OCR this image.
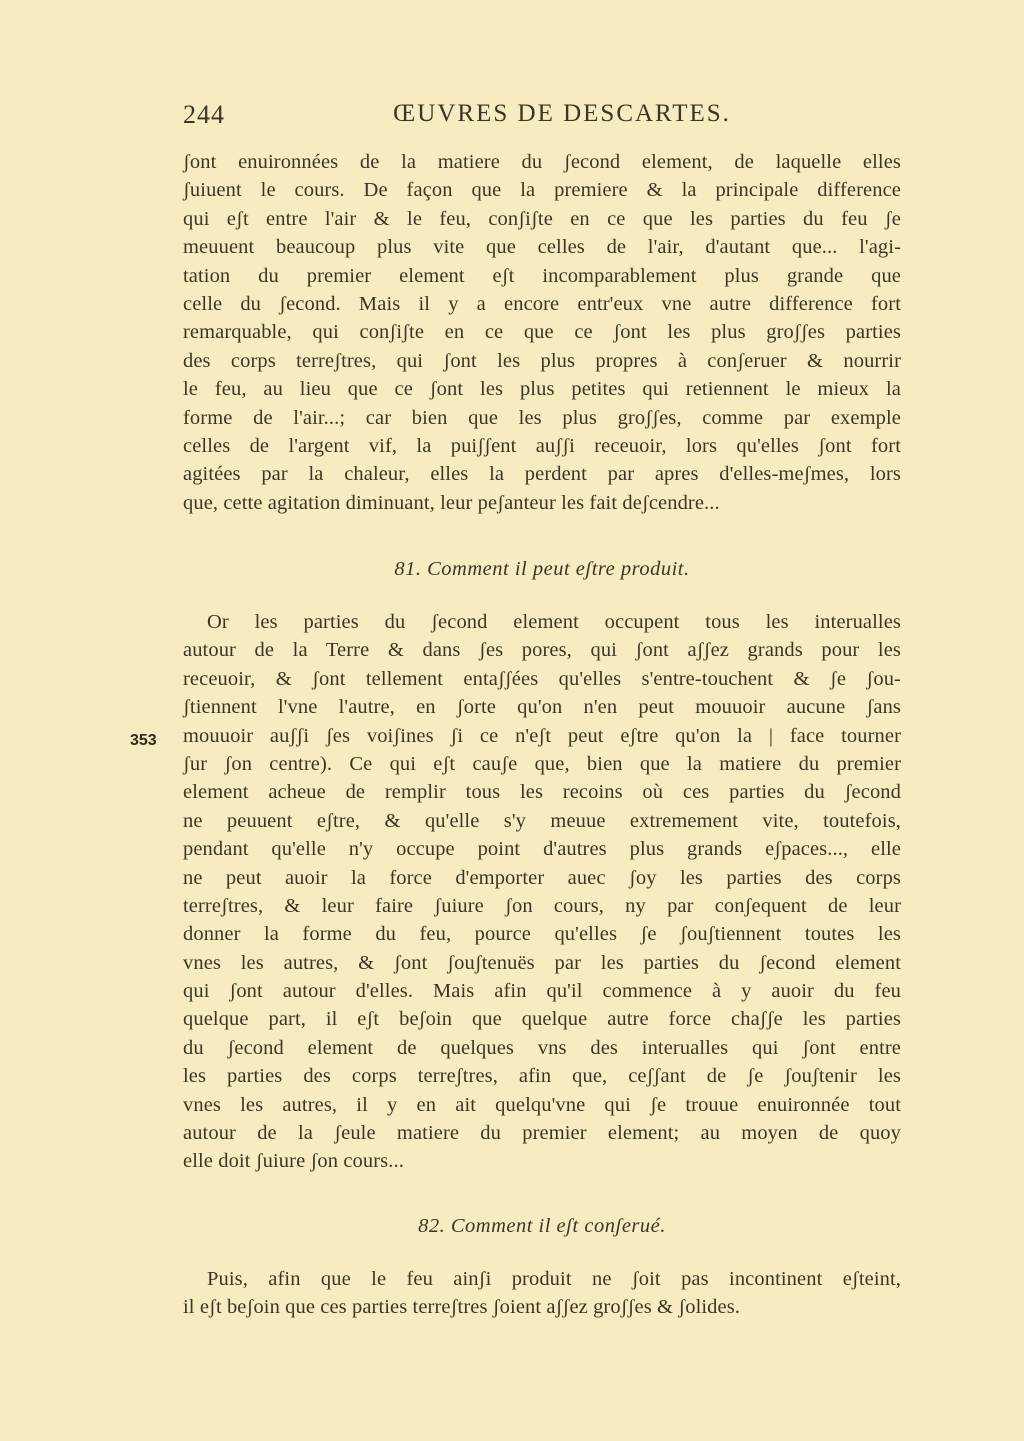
244	ŒUVRES DE DESCARTES.
ʃont enuironnées de la matiere du ʃecond element, de laquelle elles
ʃuiuent le cours. De façon que la premiere & la principale difference
qui eʃt entre l'air & le feu, conʃiʃte en ce que les parties du feu ʃe
meuuent beaucoup plus vite que celles de l'air, d'autant que... l'agi-
tation du premier element eʃt incomparablement plus grande que
celle du ʃecond. Mais il y a encore entr'eux vne autre difference fort
remarquable, qui conʃiʃte en ce que ce ʃont les plus groʃʃes parties
des corps terreʃtres, qui ʃont les plus propres à conʃeruer & nourrir
le feu, au lieu que ce ʃont les plus petites qui retiennent le mieux la
forme de l'air...; car bien que les plus groʃʃes, comme par exemple
celles de l'argent vif, la puiʃʃent auʃʃi receuoir, lors qu'elles ʃont fort
agitées par la chaleur, elles la perdent par apres d'elles-meʃmes, lors
que, cette agitation diminuant, leur peʃanteur les fait deʃcendre...
81. Comment il peut eʃtre produit.
Or les parties du ʃecond element occupent tous les interualles
autour de la Terre & dans ʃes pores, qui ʃont aʃʃez grands pour les
receuoir, & ʃont tellement entaʃʃées qu'elles s'entre-touchent & ʃe ʃou-
ʃtiennent l'vne l'autre, en ʃorte qu'on n'en peut mouuoir aucune ʃans
mouuoir auʃʃi ʃes voiʃines ʃi ce n'eʃt peut eʃtre qu'on la | face tourner
ʃur ʃon centre). Ce qui eʃt cauʃe que, bien que la matiere du premier
element acheue de remplir tous les recoins où ces parties du ʃecond
ne peuuent eʃtre, & qu'elle s'y meuue extremement vite, toutefois,
pendant qu'elle n'y occupe point d'autres plus grands eʃpaces..., elle
ne peut auoir la force d'emporter auec ʃoy les parties des corps
terreʃtres, & leur faire ʃuiure ʃon cours, ny par conʃequent de leur
donner la forme du feu, pource qu'elles ʃe ʃouʃtiennent toutes les
vnes les autres, & ʃont ʃouʃtenuës par les parties du ʃecond element
qui ʃont autour d'elles. Mais afin qu'il commence à y auoir du feu
quelque part, il eʃt beʃoin que quelque autre force chaʃʃe les parties
du ʃecond element de quelques vns des interualles qui ʃont entre
les parties des corps terreʃtres, afin que, ceʃʃant de ʃe ʃouʃtenir les
vnes les autres, il y en ait quelqu'vne qui ʃe trouue enuironnée tout
autour de la ʃeule matiere du premier element; au moyen de quoy
elle doit ʃuiure ʃon cours...
353
82. Comment il eʃt conʃerué.
Puis, afin que le feu ainʃi produit ne ʃoit pas incontinent eʃteint,
il eʃt beʃoin que ces parties terreʃtres ʃoient aʃʃez groʃʃes & ʃolides.
